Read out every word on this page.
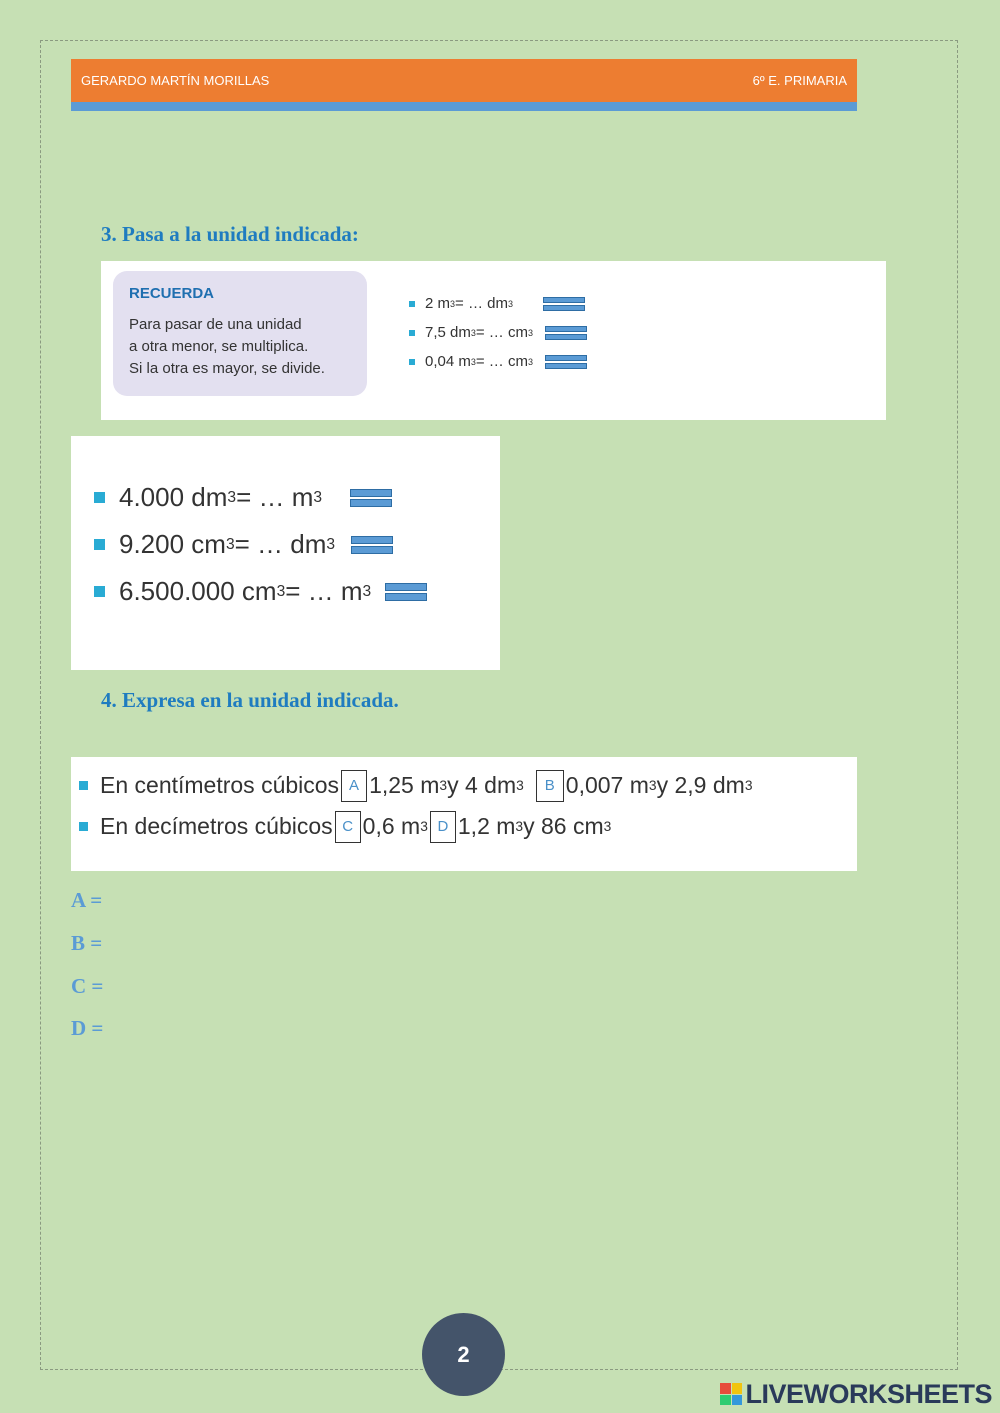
GERARDO MARTÍN MORILLAS	6º E. PRIMARIA
3. Pasa a la unidad indicada:
RECUERDA
Para pasar de una unidad
a otra menor, se multiplica.
Si la otra es mayor, se divide.
2 m 3 = … dm 3
7,5 dm 3 = … cm 3
0,04 m 3 = … cm 3
4.000 dm 3 = … m 3
9.200 cm 3 = … dm 3
6.500.000 cm 3 = … m 3
4. Expresa en la unidad indicada.
En centímetros cúbicos A 1,25 m 3 y 4 dm 3	B 0,007 m 3 y 2,9 dm 3
En decímetros cúbicos C 0,6 m 3 D 1,2 m 3 y 86 cm 3
A =
B =
C =
D =
2
LIVEWORKSHEETS
